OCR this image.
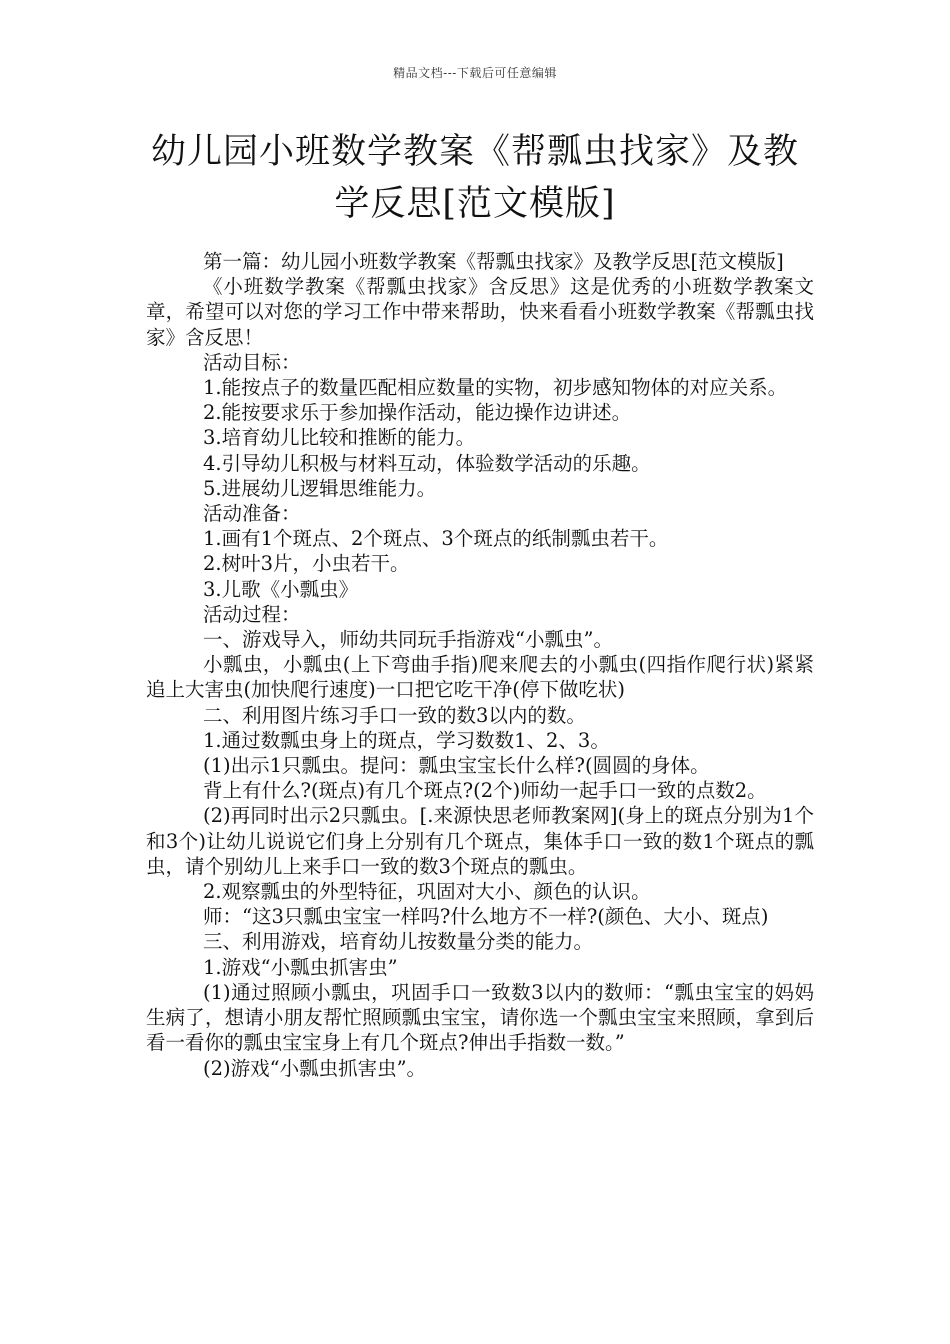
精品文档---下载后可任意编辑
幼儿园小班数学教案《帮瓢虫找家》及教学反思[范文模版]

第一篇：幼儿园小班数学教案《帮瓢虫找家》及教学反思[范文模版]

《小班数学教案《帮瓢虫找家》含反思》这是优秀的小班数学教案文章，希望可以对您的学习工作中带来帮助，快来看看小班数学教案《帮瓢虫找家》含反思！

活动目标：

1.能按点子的数量匹配相应数量的实物，初步感知物体的对应关系。

2.能按要求乐于参加操作活动，能边操作边讲述。

3.培育幼儿比较和推断的能力。

4.引导幼儿积极与材料互动，体验数学活动的乐趣。

5.进展幼儿逻辑思维能力。

活动准备：

1.画有1个斑点、2个斑点、3个斑点的纸制瓢虫若干。

2.树叶3片，小虫若干。

3.儿歌《小瓢虫》

活动过程：

一、游戏导入，师幼共同玩手指游戏“小瓢虫”。

小瓢虫，小瓢虫(上下弯曲手指)爬来爬去的小瓢虫(四指作爬行状)紧紧追上大害虫(加快爬行速度)一口把它吃干净(停下做吃状)

二、利用图片练习手口一致的数3以内的数。

1.通过数瓢虫身上的斑点，学习数数1、2、3。

(1)出示1只瓢虫。提问：瓢虫宝宝长什么样?(圆圆的身体。

背上有什么?(斑点)有几个斑点?(2个)师幼一起手口一致的点数2。

(2)再同时出示2只瓢虫。[.来源快思老师教案网](身上的斑点分别为1个和3个)让幼儿说说它们身上分别有几个斑点，集体手口一致的数1个斑点的瓢虫，请个别幼儿上来手口一致的数3个斑点的瓢虫。

2.观察瓢虫的外型特征，巩固对大小、颜色的认识。

师：“这3只瓢虫宝宝一样吗?什么地方不一样?(颜色、大小、斑点)

三、利用游戏，培育幼儿按数量分类的能力。

1.游戏“小瓢虫抓害虫”

(1)通过照顾小瓢虫，巩固手口一致数3以内的数师：“瓢虫宝宝的妈妈生病了，想请小朋友帮忙照顾瓢虫宝宝，请你选一个瓢虫宝宝来照顾，拿到后看一看你的瓢虫宝宝身上有几个斑点?伸出手指数一数。”

(2)游戏“小瓢虫抓害虫”。
